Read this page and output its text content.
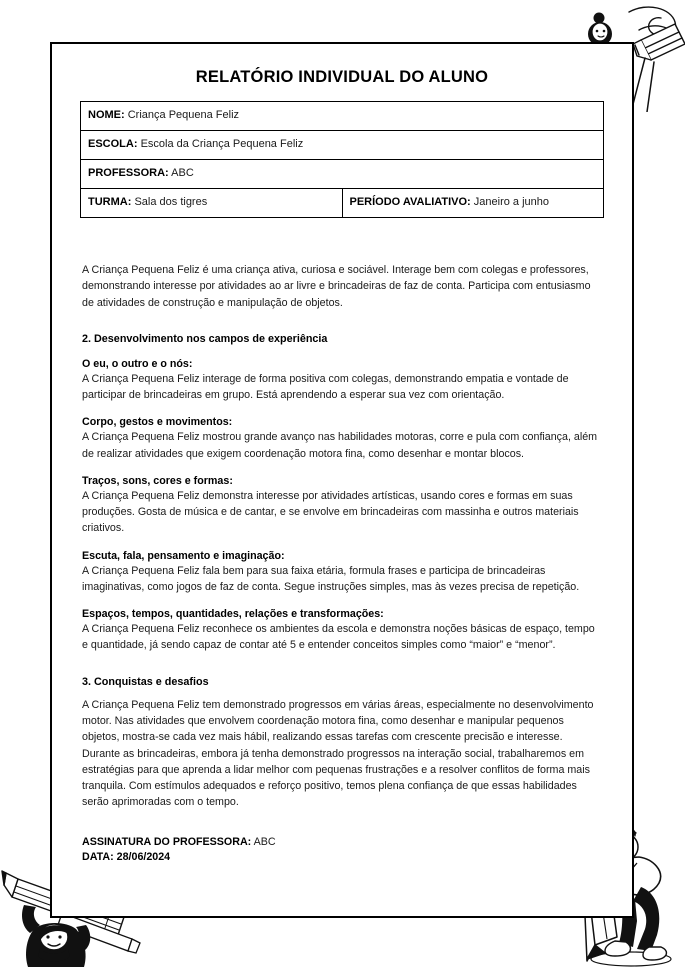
RELATÓRIO INDIVIDUAL DO ALUNO
NOME: Criança Pequena Feliz
ESCOLA: Escola da Criança Pequena Feliz
PROFESSORA: ABC
TURMA: Sala dos tigres	PERÍODO AVALIATIVO: Janeiro a junho

A Criança Pequena Feliz é uma criança ativa, curiosa e sociável. Interage bem com colegas e professores, demonstrando interesse por atividades ao ar livre e brincadeiras de faz de conta. Participa com entusiasmo de atividades de construção e manipulação de objetos.

2. Desenvolvimento nos campos de experiência
O eu, o outro e o nós:

A Criança Pequena Feliz interage de forma positiva com colegas, demonstrando empatia e vontade de participar de brincadeiras em grupo. Está aprendendo a esperar sua vez com orientação.

Corpo, gestos e movimentos:

A Criança Pequena Feliz mostrou grande avanço nas habilidades motoras, corre e pula com confiança, além de realizar atividades que exigem coordenação motora fina, como desenhar e montar blocos.

Traços, sons, cores e formas:

A Criança Pequena Feliz demonstra interesse por atividades artísticas, usando cores e formas em suas produções. Gosta de música e de cantar, e se envolve em brincadeiras com massinha e outros materiais criativos.

Escuta, fala, pensamento e imaginação:

A Criança Pequena Feliz fala bem para sua faixa etária, formula frases e participa de brincadeiras imaginativas, como jogos de faz de conta. Segue instruções simples, mas às vezes precisa de repetição.

Espaços, tempos, quantidades, relações e transformações:

A Criança Pequena Feliz reconhece os ambientes da escola e demonstra noções básicas de espaço, tempo e quantidade, já sendo capaz de contar até 5 e entender conceitos simples como “maior” e “menor”.

3. Conquistas e desafios

A Criança Pequena Feliz tem demonstrado progressos em várias áreas, especialmente no desenvolvimento motor. Nas atividades que envolvem coordenação motora fina, como desenhar e manipular pequenos objetos, mostra-se cada vez mais hábil, realizando essas tarefas com crescente precisão e interesse. Durante as brincadeiras, embora já tenha demonstrado progressos na interação social, trabalharemos em estratégias para que aprenda a lidar melhor com pequenas frustrações e a resolver conflitos de forma mais tranquila. Com estímulos adequados e reforço positivo, temos plena confiança de que essas habilidades serão aprimoradas com o tempo.

ASSINATURA DO PROFESSORA: ABC
DATA: 28/06/2024
